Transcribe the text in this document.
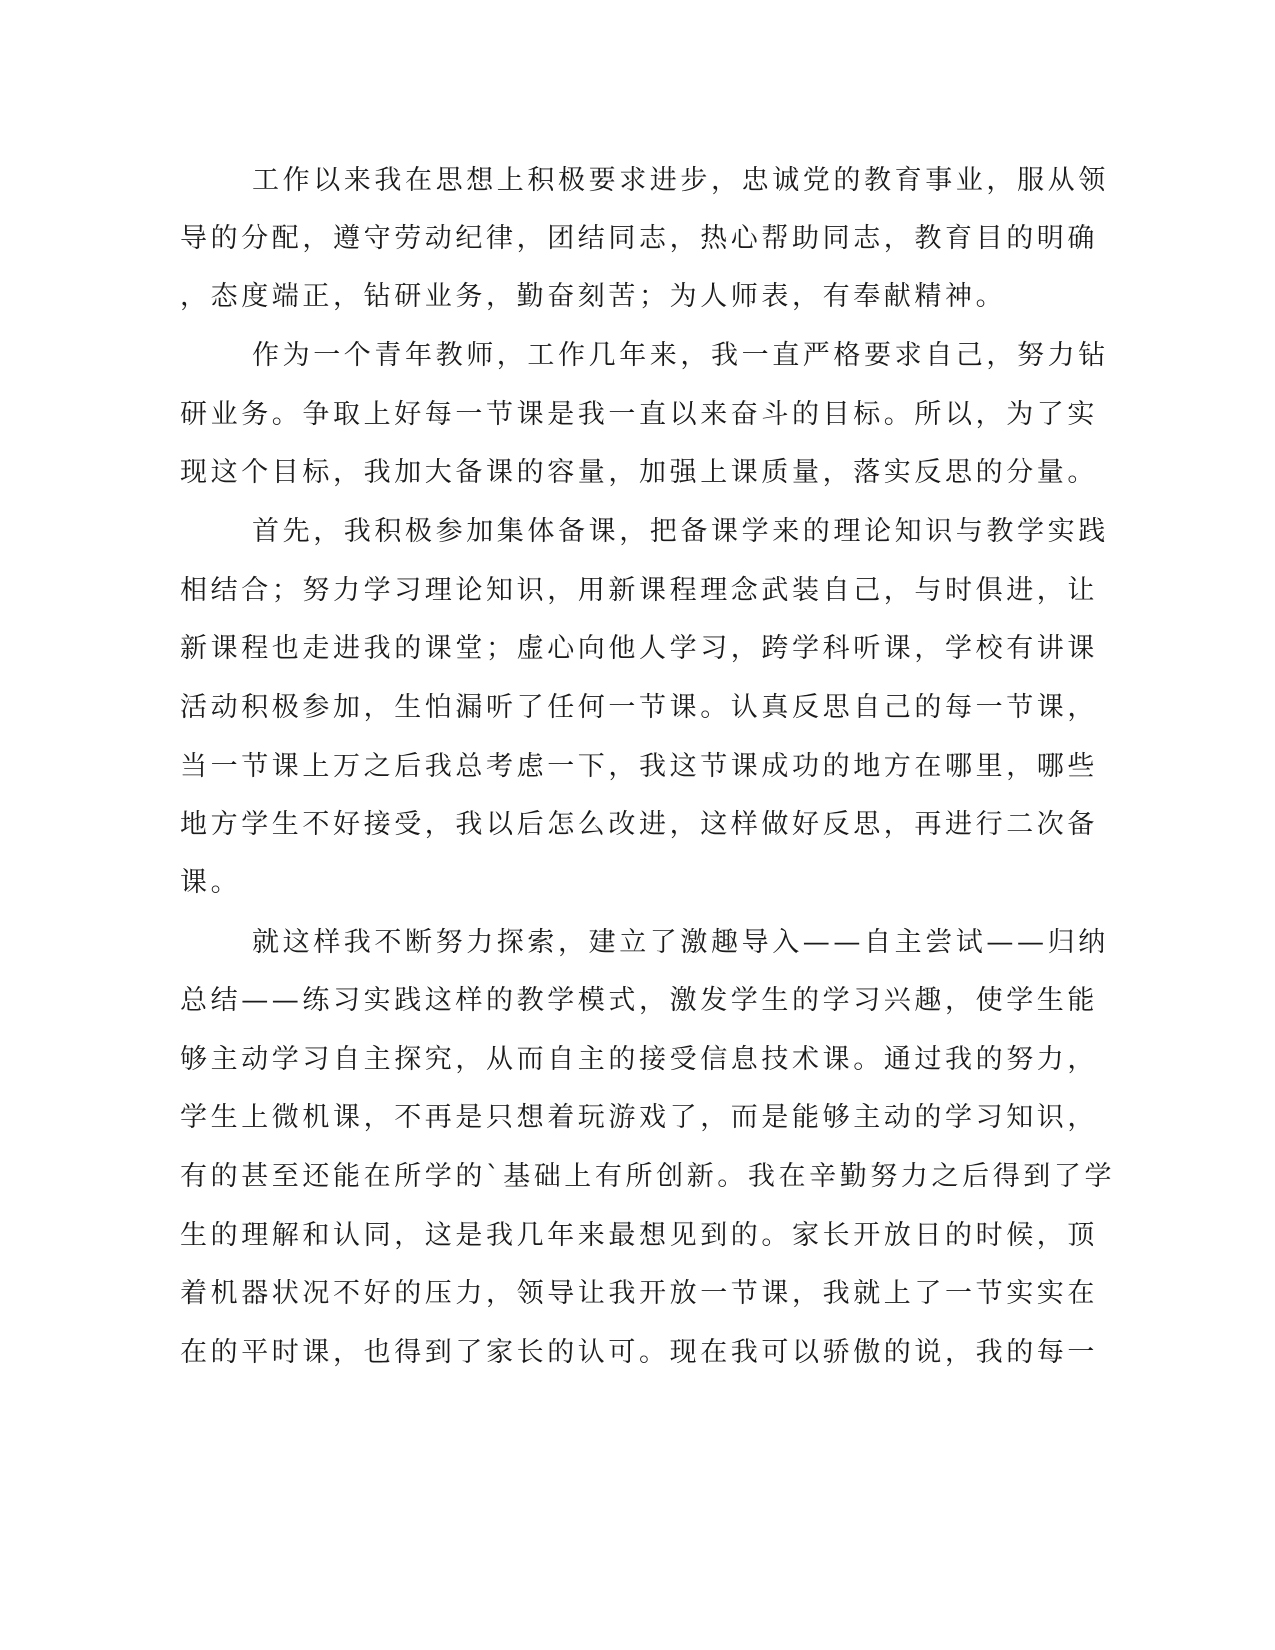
工作以来我在思想上积极要求进步，忠诚党的教育事业，服从领

导的分配，遵守劳动纪律，团结同志，热心帮助同志，教育目的明确

，态度端正，钻研业务，勤奋刻苦；为人师表，有奉献精神。

作为一个青年教师，工作几年来，我一直严格要求自己，努力钻

研业务。争取上好每一节课是我一直以来奋斗的目标。所以，为了实

现这个目标，我加大备课的容量，加强上课质量，落实反思的分量。

首先，我积极参加集体备课，把备课学来的理论知识与教学实践

相结合；努力学习理论知识，用新课程理念武装自己，与时俱进，让

新课程也走进我的课堂；虚心向他人学习，跨学科听课，学校有讲课

活动积极参加，生怕漏听了任何一节课。认真反思自己的每一节课，

当一节课上万之后我总考虑一下，我这节课成功的地方在哪里，哪些

地方学生不好接受，我以后怎么改进，这样做好反思，再进行二次备

课。

就这样我不断努力探索，建立了激趣导入——自主尝试——归纳

总结——练习实践这样的教学模式，激发学生的学习兴趣，使学生能

够主动学习自主探究，从而自主的接受信息技术课。通过我的努力，

学生上微机课，不再是只想着玩游戏了，而是能够主动的学习知识，

有的甚至还能在所学的`基础上有所创新。我在辛勤努力之后得到了学

生的理解和认同，这是我几年来最想见到的。家长开放日的时候，顶

着机器状况不好的压力，领导让我开放一节课，我就上了一节实实在

在的平时课，也得到了家长的认可。现在我可以骄傲的说，我的每一
